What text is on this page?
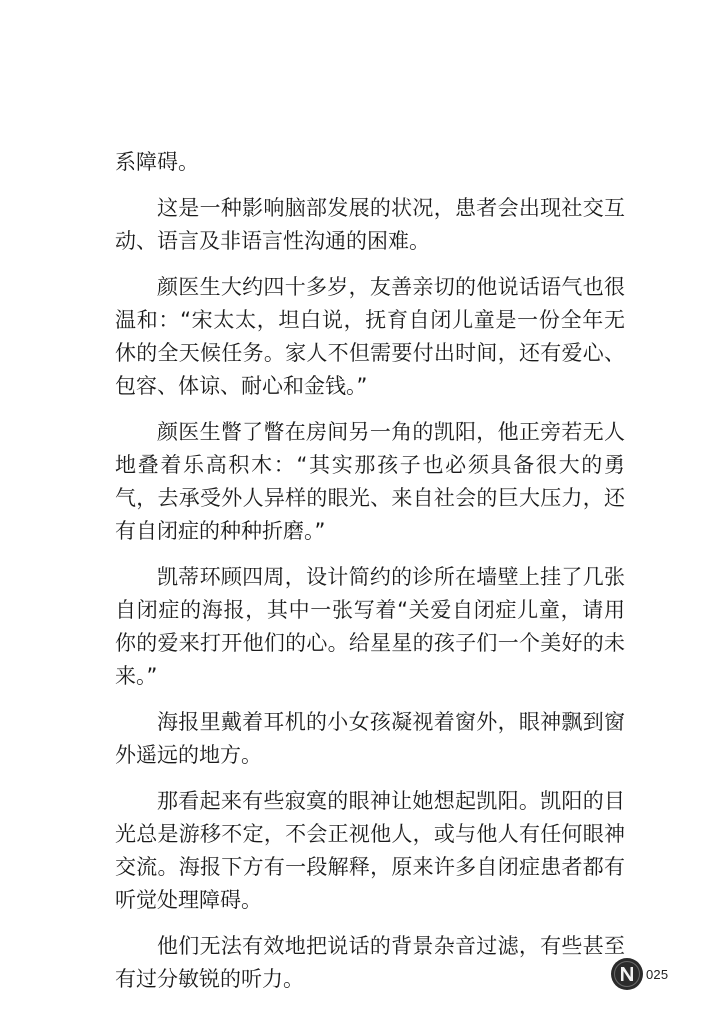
系障碍。

这是一种影响脑部发展的状况，患者会出现社交互动、语言及非语言性沟通的困难。

颜医生大约四十多岁，友善亲切的他说话语气也很温和：“宋太太，坦白说，抚育自闭儿童是一份全年无休的全天候任务。家人不但需要付出时间，还有爱心、包容、体谅、耐心和金钱。”

颜医生瞥了瞥在房间另一角的凯阳，他正旁若无人地叠着乐高积木：“其实那孩子也必须具备很大的勇气，去承受外人异样的眼光、来自社会的巨大压力，还有自闭症的种种折磨。”

凯蒂环顾四周，设计简约的诊所在墙壁上挂了几张自闭症的海报，其中一张写着“关爱自闭症儿童，请用你的爱来打开他们的心。给星星的孩子们一个美好的未来。”

海报里戴着耳机的小女孩凝视着窗外，眼神飘到窗外遥远的地方。

那看起来有些寂寞的眼神让她想起凯阳。凯阳的目光总是游移不定，不会正视他人，或与他人有任何眼神交流。海报下方有一段解释，原来许多自闭症患者都有听觉处理障碍。

他们无法有效地把说话的背景杂音过滤，有些甚至有过分敏锐的听力。	025
